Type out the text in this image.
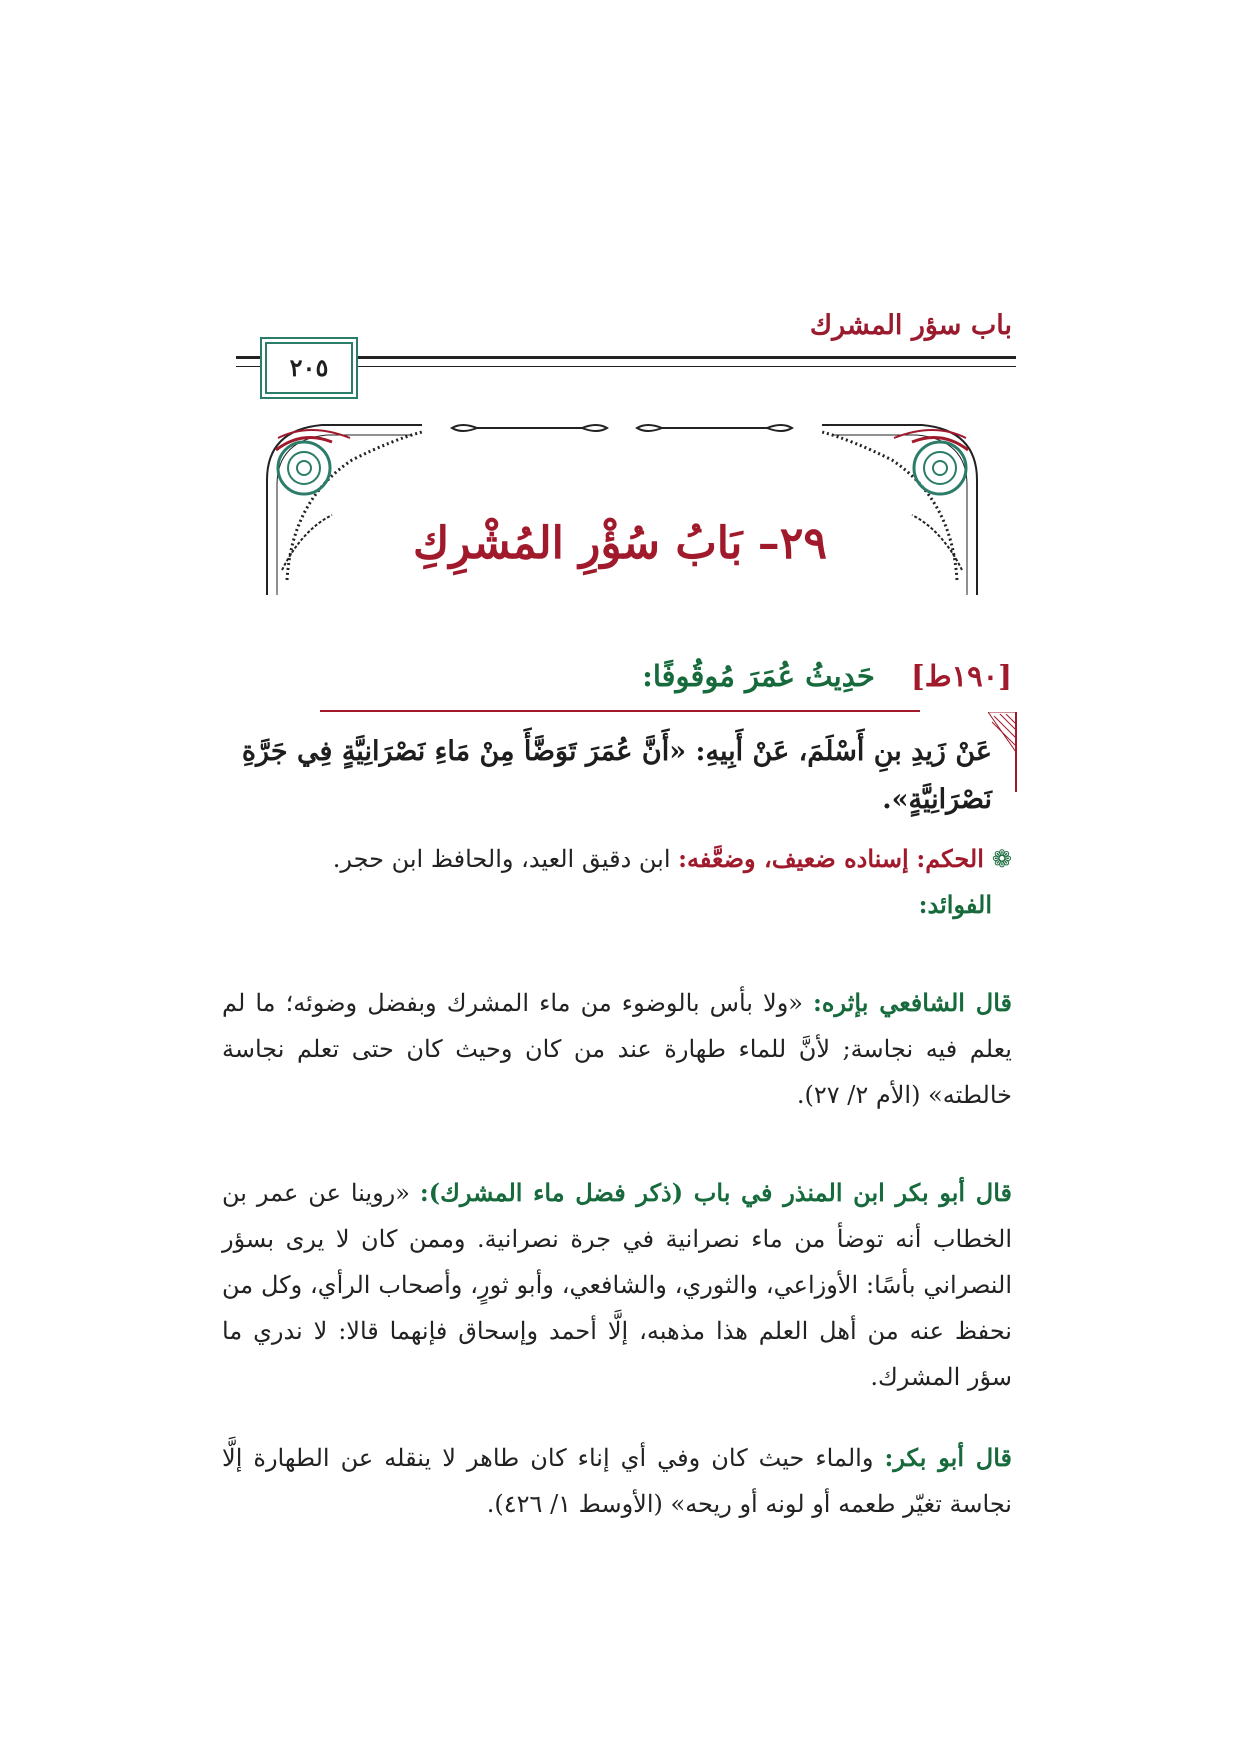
باب سؤر المشرك
٢٠٥
٢٩– بَابُ سُؤْرِ المُشْرِكِ
[١٩٠ط] حَدِيثُ عُمَرَ مُوقُوفًا:
عَنْ زَيدِ بنِ أَسْلَمَ، عَنْ أَبِيهِ: «أَنَّ عُمَرَ تَوَضَّأَ مِنْ مَاءِ نَصْرَانِيَّةٍ فِي جَرَّةِ نَصْرَانِيَّةٍ».
❁الحكم: إسناده ضعيف، وضعَّفه: ابن دقيق العيد، والحافظ ابن حجر.
الفوائد:
قال الشافعي بإثره: «ولا بأس بالوضوء من ماء المشرك وبفضل وضوئه؛ ما لم يعلم فيه نجاسة; لأنَّ للماء طهارة عند من كان وحيث كان حتى تعلم نجاسة خالطته» (الأم ٢/ ٢٧).
قال أبو بكر ابن المنذر في باب (ذكر فضل ماء المشرك): «روينا عن عمر بن الخطاب أنه توضأ من ماء نصرانية في جرة نصرانية. وممن كان لا يرى بسؤر النصراني بأسًا: الأوزاعي، والثوري، والشافعي، وأبو ثورٍ، وأصحاب الرأي، وكل من نحفظ عنه من أهل العلم هذا مذهبه، إلَّا أحمد وإسحاق فإنهما قالا: لا ندري ما سؤر المشرك.
قال أبو بكر: والماء حيث كان وفي أي إناء كان طاهر لا ينقله عن الطهارة إلَّا نجاسة تغيّر طعمه أو لونه أو ريحه» (الأوسط ١/ ٤٢٦).
